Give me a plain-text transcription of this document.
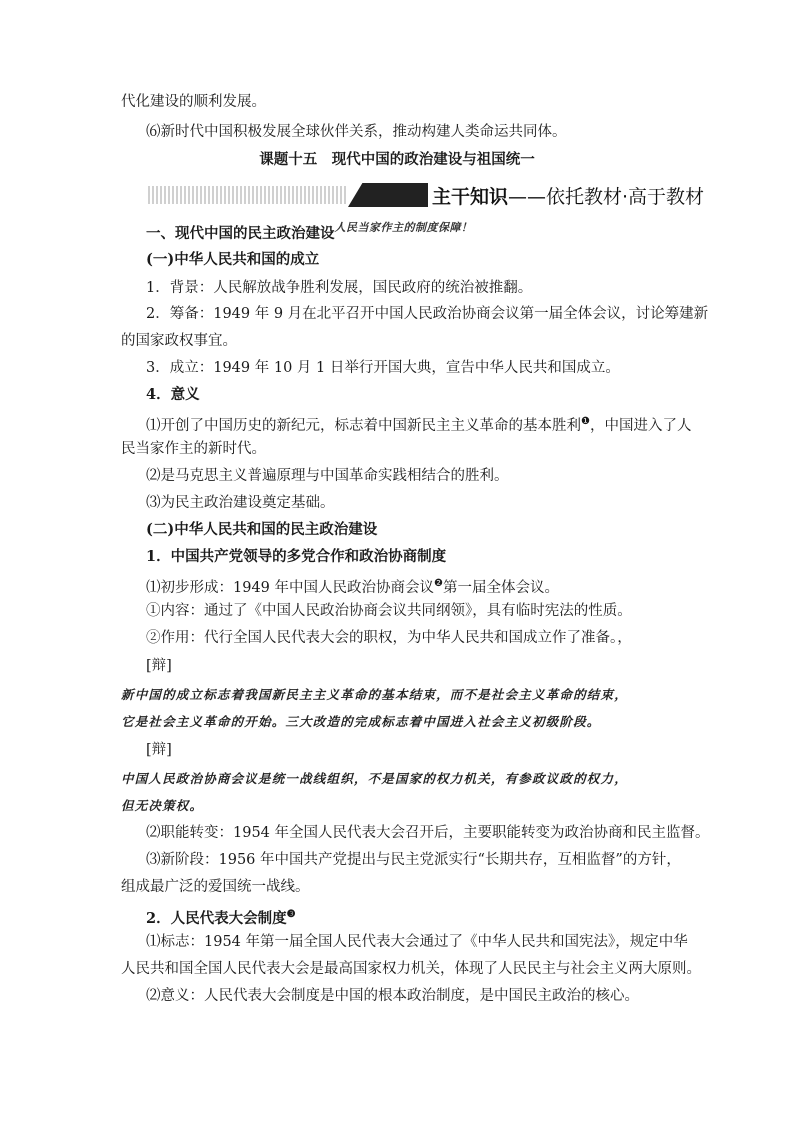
代化建设的顺利发展。
⑹新时代中国积极发展全球伙伴关系，推动构建人类命运共同体。
课题十五　现代中国的政治建设与祖国统一
主干知识——依托教材·高于教材
一、现代中国的民主政治建设$^{人民当家作主的制度保障!}$
(一)中华人民共和国的成立
1．背景：人民解放战争胜利发展，国民政府的统治被推翻。
2．筹备：1949 年 9 月在北平召开中国人民政治协商会议第一届全体会议，讨论筹建新
的国家政权事宜。
3．成立：1949 年 10 月 1 日举行开国大典，宣告中华人民共和国成立。
4．意义
⑴开创了中国历史的新纪元，标志着中国新民主主义革命的基本胜利$^❶$，中国进入了人
民当家作主的新时代。
⑵是马克思主义普遍原理与中国革命实践相结合的胜利。
⑶为民主政治建设奠定基础。
(二)中华人民共和国的民主政治建设
1．中国共产党领导的多党合作和政治协商制度
⑴初步形成：1949 年中国人民政治协商会议$^❷$第一届全体会议。
①内容：通过了《中国人民政治协商会议共同纲领》，具有临时宪法的性质。
②作用：代行全国人民代表大会的职权，为中华人民共和国成立作了准备。，
[辩]
新中国的成立标志着我国新民主主义革命的基本结束，而不是社会主义革命的结束，
它是社会主义革命的开始。三大改造的完成标志着中国进入社会主义初级阶段。
[辩]
中国人民政治协商会议是统一战线组织，不是国家的权力机关，有参政议政的权力，
但无决策权。
⑵职能转变：1954 年全国人民代表大会召开后，主要职能转变为政治协商和民主监督。
⑶新阶段：1956 年中国共产党提出与民主党派实行“长期共存，互相监督”的方针，
组成最广泛的爱国统一战线。
2．人民代表大会制度$^❸$
⑴标志：1954 年第一届全国人民代表大会通过了《中华人民共和国宪法》，规定中华
人民共和国全国人民代表大会是最高国家权力机关，体现了人民民主与社会主义两大原则。
⑵意义：人民代表大会制度是中国的根本政治制度，是中国民主政治的核心。
